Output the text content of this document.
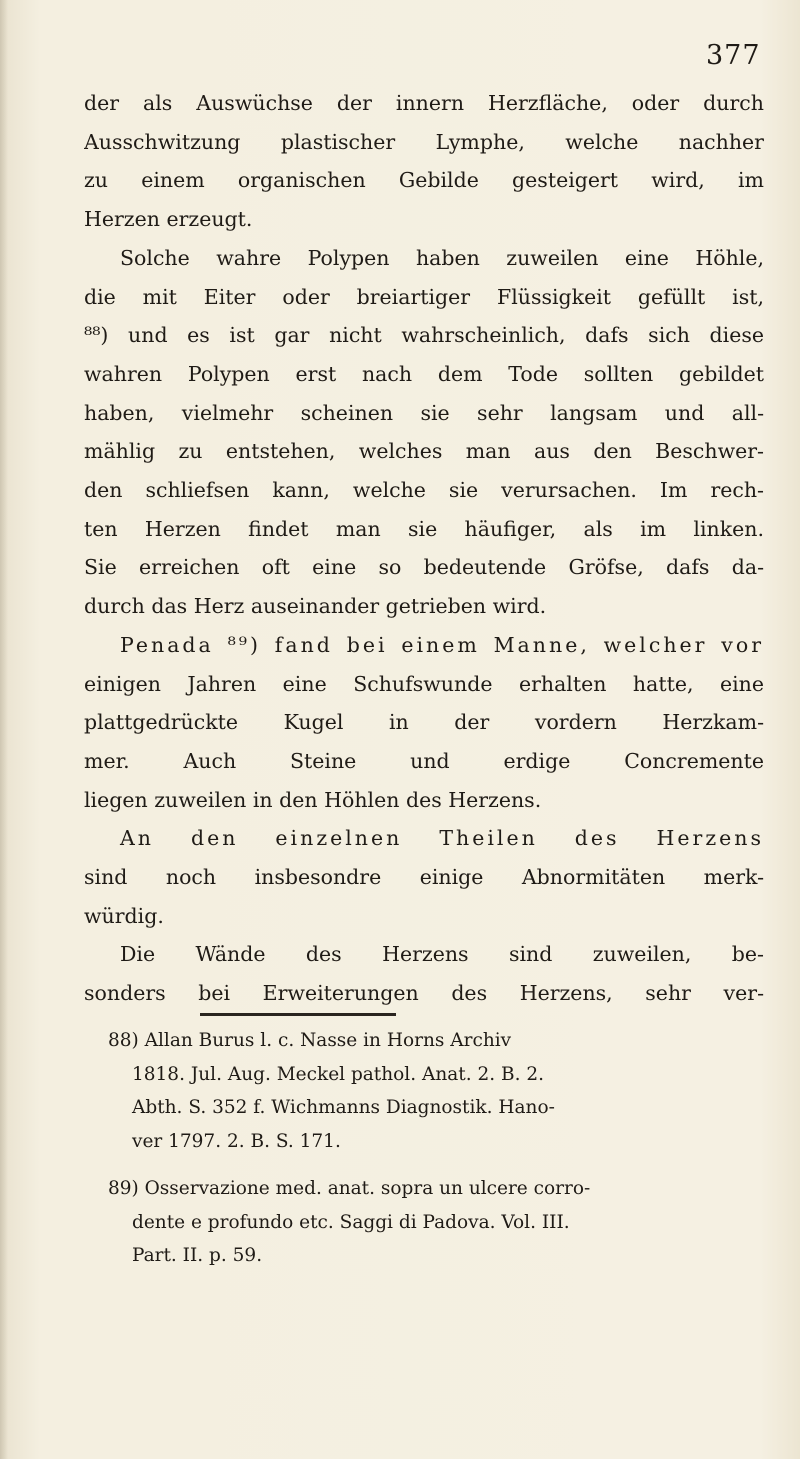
377
der als Auswüchse der innern Herzfläche, oder durch
Ausschwitzung plastischer Lymphe, welche nachher
zu einem organischen Gebilde gesteigert wird, im
Herzen erzeugt.
Solche wahre Polypen haben zuweilen eine Höhle,
die mit Eiter oder breiartiger Flüssigkeit gefüllt ist,
⁸⁸) und es ist gar nicht wahrscheinlich, dafs sich diese
wahren Polypen erst nach dem Tode sollten gebildet
haben, vielmehr scheinen sie sehr langsam und all-
mählig zu entstehen, welches man aus den Beschwer-
den schliefsen kann, welche sie verursachen. Im rech-
ten Herzen findet man sie häufiger, als im linken.
Sie erreichen oft eine so bedeutende Gröfse, dafs da-
durch das Herz auseinander getrieben wird.
Penada ⁸⁹) fand bei einem Manne, welcher vor
einigen Jahren eine Schufswunde erhalten hatte, eine
plattgedrückte Kugel in der vordern Herzkam-
mer. Auch Steine und erdige Concremente
liegen zuweilen in den Höhlen des Herzens.
An den einzelnen Theilen des Herzens
sind noch insbesondre einige Abnormitäten merk-
würdig.
Die Wände des Herzens sind zuweilen, be-
sonders bei Erweiterungen des Herzens, sehr ver-
88) Allan Burus l. c. Nasse in Horns Archiv
1818. Jul. Aug. Meckel pathol. Anat. 2. B. 2.
Abth. S. 352 f. Wichmanns Diagnostik. Hano-
ver 1797. 2. B. S. 171.
89) Osservazione med. anat. sopra un ulcere corro-
dente e profundo etc. Saggi di Padova. Vol. III.
Part. II. p. 59.
